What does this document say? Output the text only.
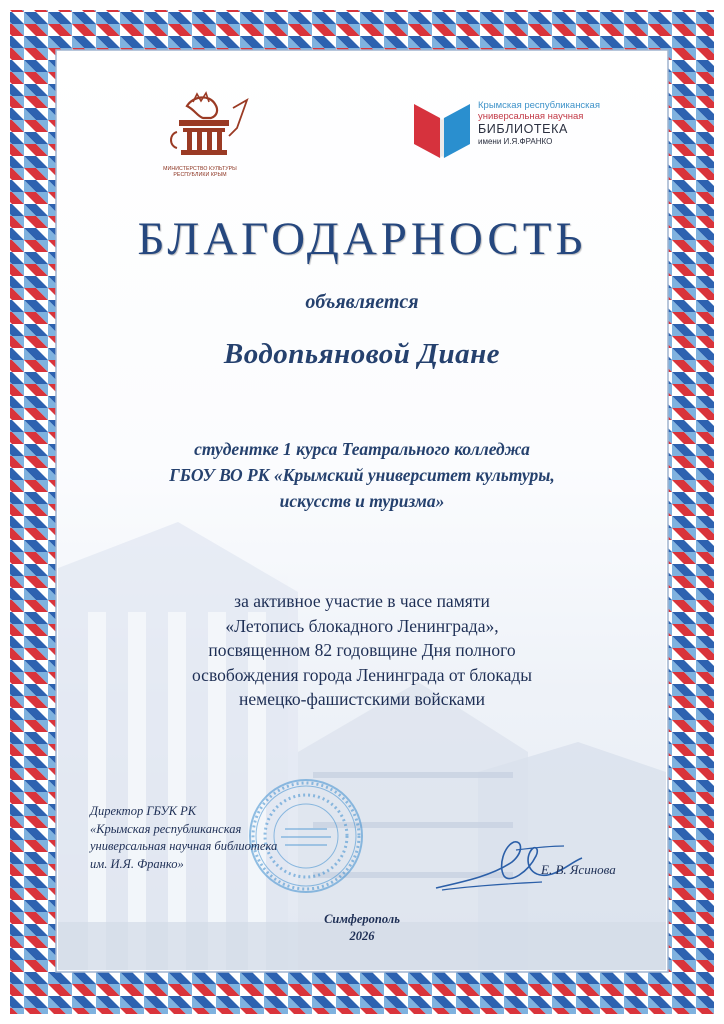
МИНИСТЕРСТВО КУЛЬТУРЫ
РЕСПУБЛИКИ КРЫМ
Крымская республиканская
универсальная научная
БИБЛИОТЕКА
имени И.Я.ФРАНКО
БЛАГОДАРНОСТЬ
объявляется
Водопьяновой Диане
студентке 1 курса Театрального колледжа
ГБОУ ВО РК «Крымский университет культуры,
искусств и туризма»
за активное участие в часе памяти
«Летопись блокадного Ленинграда»,
посвященном 82 годовщине Дня полного
освобождения города Ленинграда от блокады
немецко-фашистскими войсками
Директор ГБУК РК
«Крымская республиканская
универсальная научная библиотека
им. И.Я. Франко»	Е. В. Ясинова
Симферополь
2026
